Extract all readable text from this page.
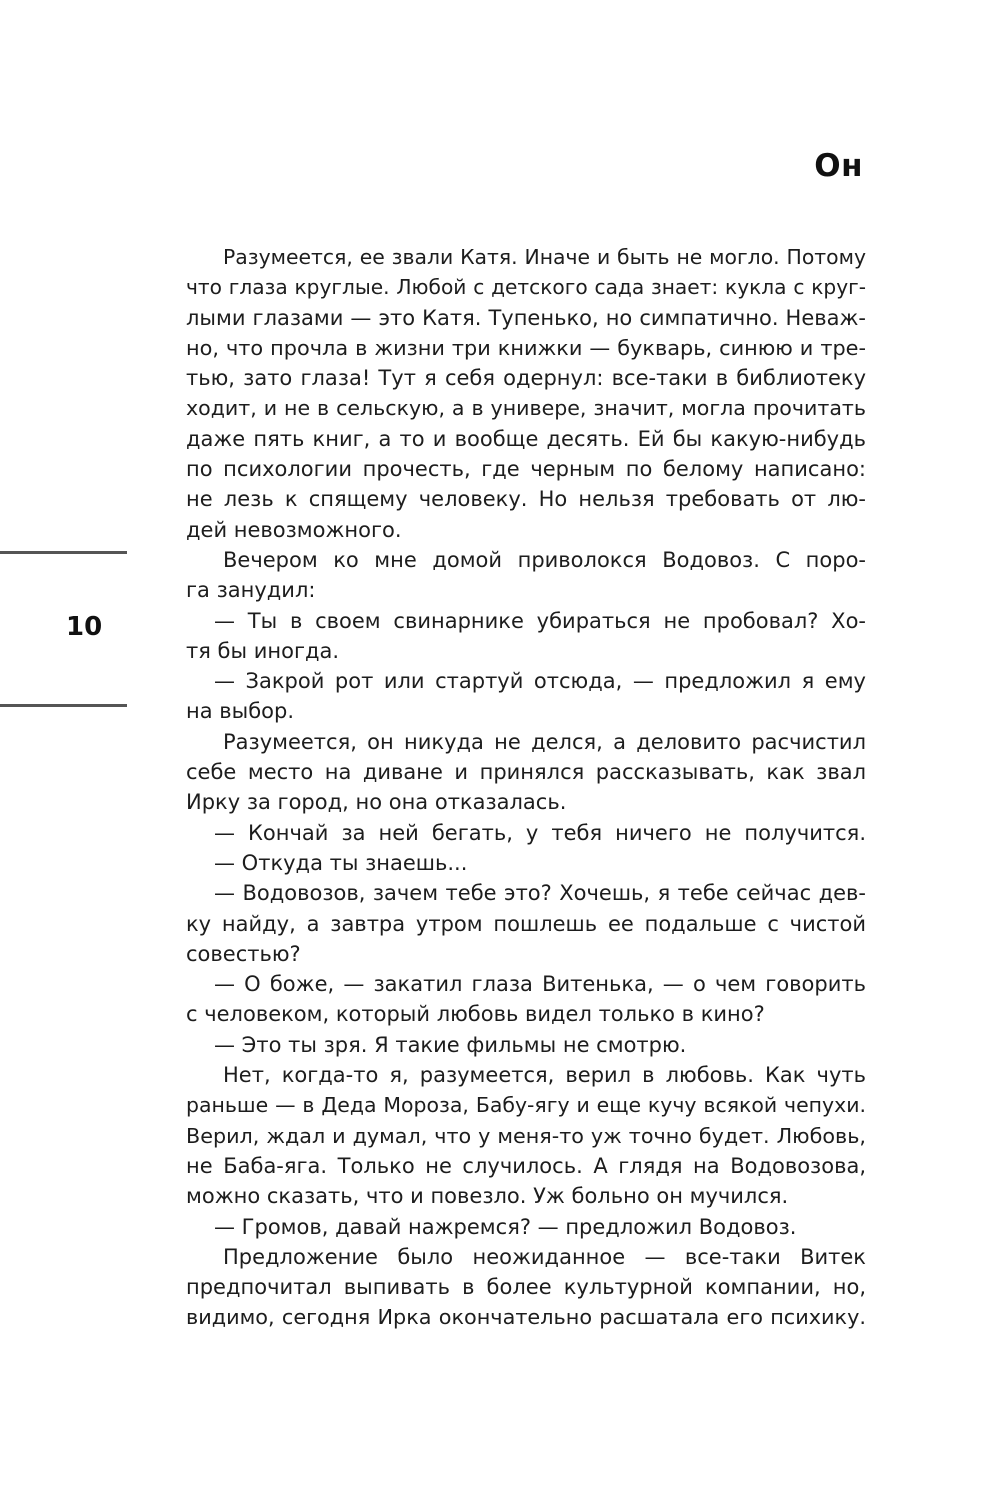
Он
10
Разумеется, ее звали Катя. Иначе и быть не могло. Потому
что глаза круглые. Любой с детского сада знает: кукла с круг-
лыми глазами — это Катя. Тупенько, но симпатично. Неваж-
но, что прочла в жизни три книжки — букварь, синюю и тре-
тью, зато глаза! Тут я себя одернул: все-таки в библиотеку
ходит, и не в сельскую, а в универе, значит, могла прочитать
даже пять книг, а то и вообще десять. Ей бы какую-нибудь
по психологии прочесть, где черным по белому написано:
не лезь к спящему человеку. Но нельзя требовать от лю-
дей невозможного.
Вечером ко мне домой приволокся Водовоз. С поро-
га занудил:
— Ты в своем свинарнике убираться не пробовал? Хо-
тя бы иногда.
— Закрой рот или стартуй отсюда, — предложил я ему
на выбор.
Разумеется, он никуда не делся, а деловито расчистил
себе место на диване и принялся рассказывать, как звал
Ирку за город, но она отказалась.
— Кончай за ней бегать, у тебя ничего не получится.
— Откуда ты знаешь...
— Водовозов, зачем тебе это? Хочешь, я тебе сейчас дев-
ку найду, а завтра утром пошлешь ее подальше с чистой
совестью?
— О боже, — закатил глаза Витенька, — о чем говорить
с человеком, который любовь видел только в кино?
— Это ты зря. Я такие фильмы не смотрю.
Нет, когда-то я, разумеется, верил в любовь. Как чуть
раньше — в Деда Мороза, Бабу-ягу и еще кучу всякой чепухи.
Верил, ждал и думал, что у меня-то уж точно будет. Любовь,
не Баба-яга. Только не случилось. А глядя на Водовозова,
можно сказать, что и повезло. Уж больно он мучился.
— Громов, давай нажремся? — предложил Водовоз.
Предложение было неожиданное — все-таки Витек
предпочитал выпивать в более культурной компании, но,
видимо, сегодня Ирка окончательно расшатала его психику.
